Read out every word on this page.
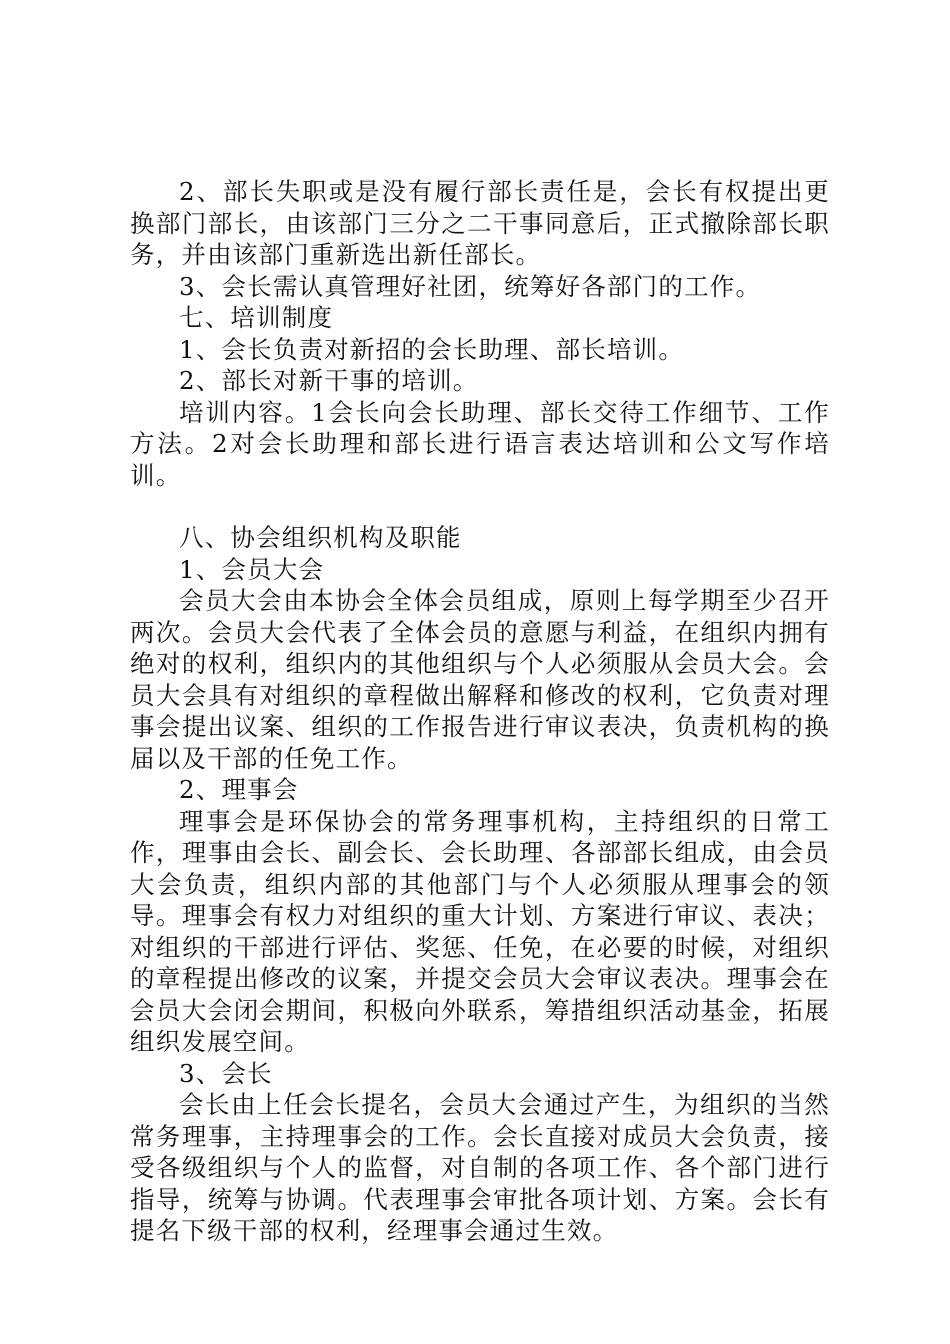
2、部长失职或是没有履行部长责任是，会长有权提出更换部门部长，由该部门三分之二干事同意后，正式撤除部长职务，并由该部门重新选出新任部长。

3、会长需认真管理好社团，统筹好各部门的工作。

七、培训制度

1、会长负责对新招的会长助理、部长培训。

2、部长对新干事的培训。

培训内容。1会长向会长助理、部长交待工作细节、工作方法。2对会长助理和部长进行语言表达培训和公文写作培训。

八、协会组织机构及职能

1、会员大会

会员大会由本协会全体会员组成，原则上每学期至少召开两次。会员大会代表了全体会员的意愿与利益，在组织内拥有绝对的权利，组织内的其他组织与个人必须服从会员大会。会员大会具有对组织的章程做出解释和修改的权利，它负责对理事会提出议案、组织的工作报告进行审议表决，负责机构的换届以及干部的任免工作。

2、理事会

理事会是环保协会的常务理事机构，主持组织的日常工作，理事由会长、副会长、会长助理、各部部长组成，由会员大会负责，组织内部的其他部门与个人必须服从理事会的领导。理事会有权力对组织的重大计划、方案进行审议、表决；对组织的干部进行评估、奖惩、任免，在必要的时候，对组织的章程提出修改的议案，并提交会员大会审议表决。理事会在会员大会闭会期间，积极向外联系，筹措组织活动基金，拓展组织发展空间。

3、会长

会长由上任会长提名，会员大会通过产生，为组织的当然常务理事，主持理事会的工作。会长直接对成员大会负责，接受各级组织与个人的监督，对自制的各项工作、各个部门进行指导，统筹与协调。代表理事会审批各项计划、方案。会长有提名下级干部的权利，经理事会通过生效。
